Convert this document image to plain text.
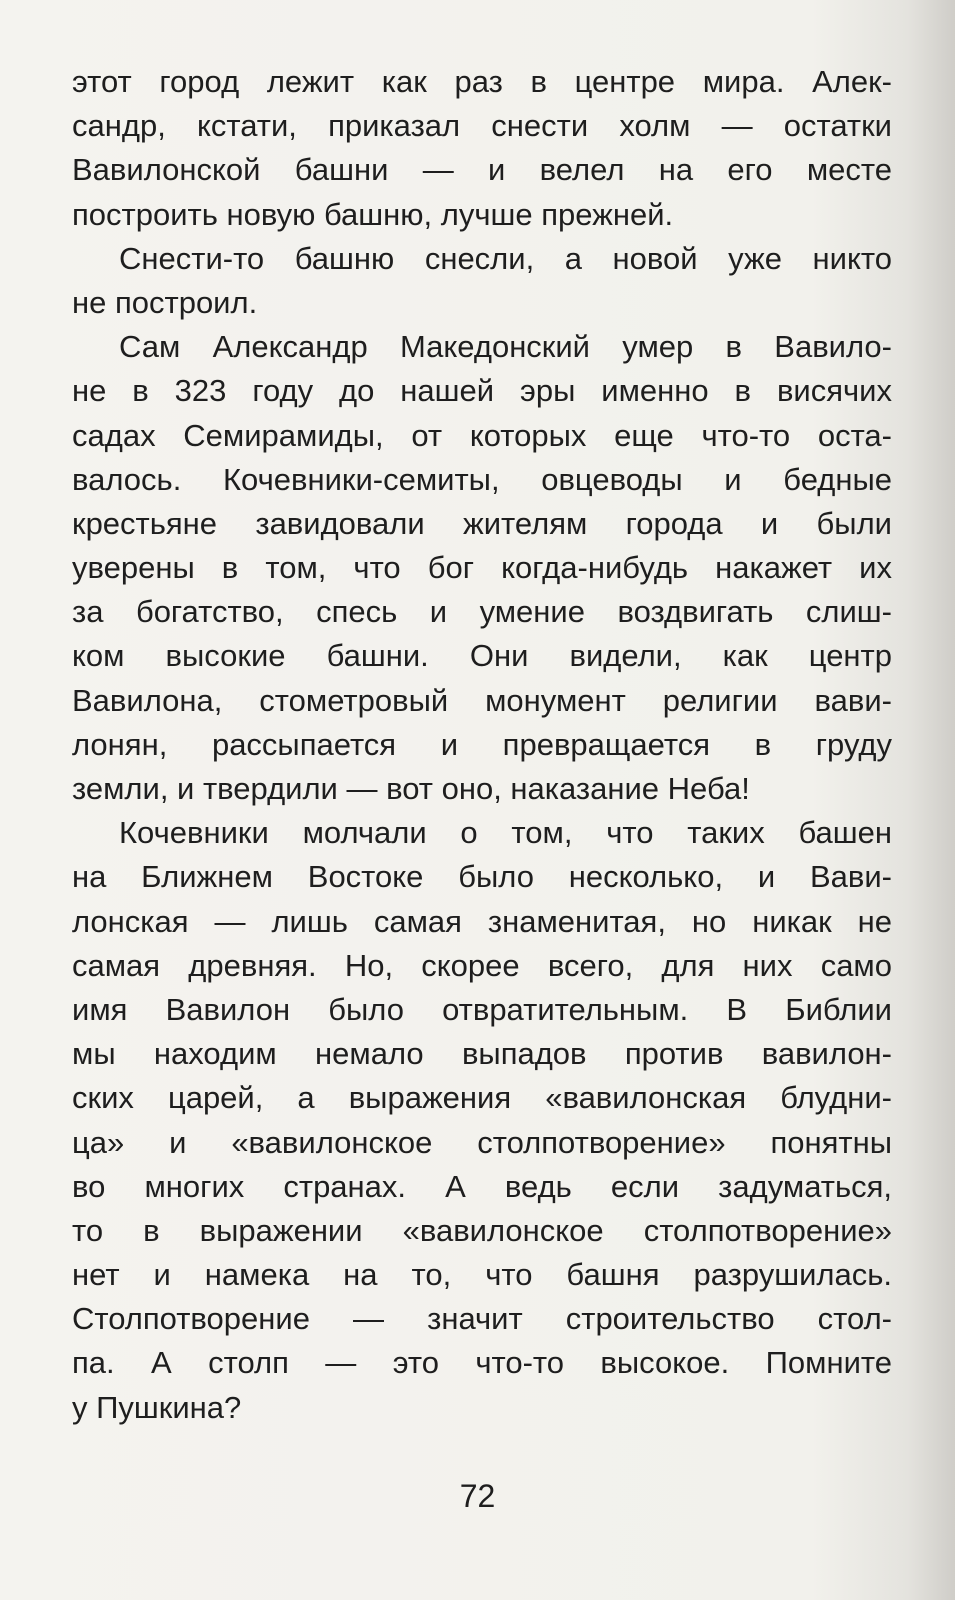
этот город лежит как раз в центре мира. Алек-
сандр, кстати, приказал снести холм — остатки
Вавилонской башни — и велел на его месте
построить новую башню, лучше прежней.
Снести-то башню снесли, а новой уже никто
не построил.
Сам Александр Македонский умер в Вавило-
не в 323 году до нашей эры именно в висячих
садах Семирамиды, от которых еще что-то оста-
валось. Кочевники-семиты, овцеводы и бедные
крестьяне завидовали жителям города и были
уверены в том, что бог когда-нибудь накажет их
за богатство, спесь и умение воздвигать слиш-
ком высокие башни. Они видели, как центр
Вавилона, стометровый монумент религии вави-
лонян, рассыпается и превращается в груду
земли, и твердили — вот оно, наказание Неба!
Кочевники молчали о том, что таких башен
на Ближнем Востоке было несколько, и Вави-
лонская — лишь самая знаменитая, но никак не
самая древняя. Но, скорее всего, для них само
имя Вавилон было отвратительным. В Библии
мы находим немало выпадов против вавилон-
ских царей, а выражения «вавилонская блудни-
ца» и «вавилонское столпотворение» понятны
во многих странах. А ведь если задуматься,
то в выражении «вавилонское столпотворение»
нет и намека на то, что башня разрушилась.
Столпотворение — значит строительство стол-
па. А столп — это что-то высокое. Помните
у Пушкина?
72
